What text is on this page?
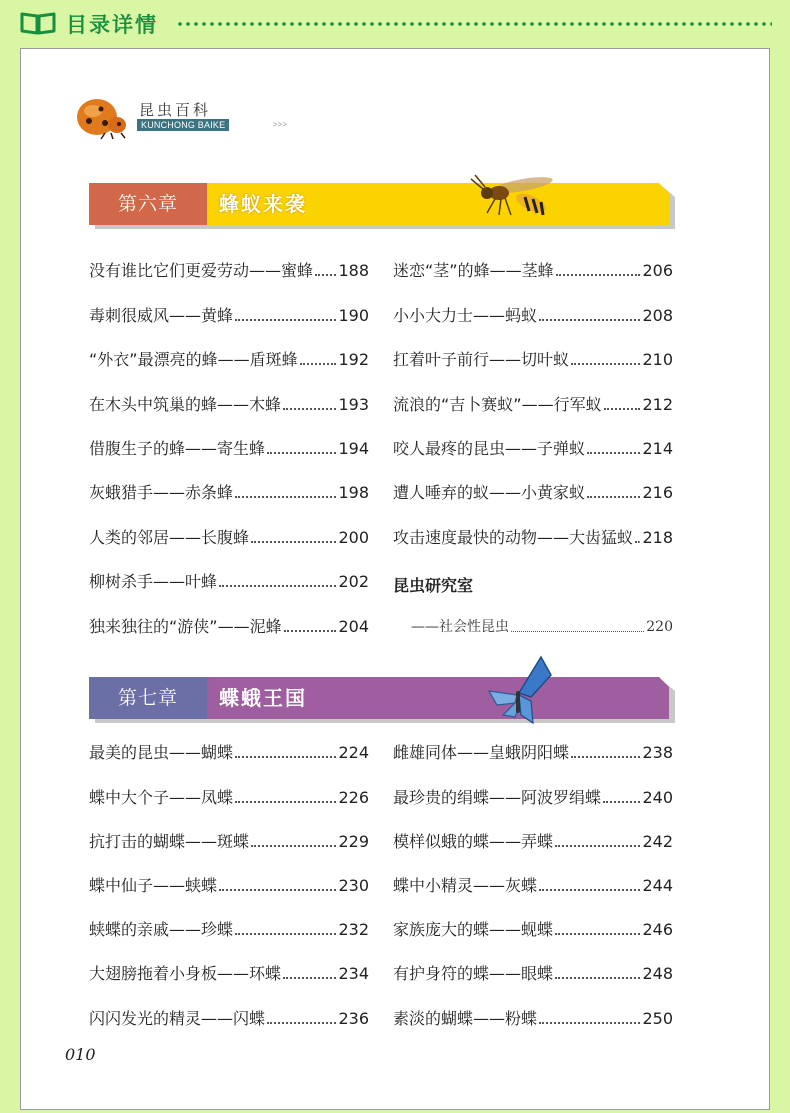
目录详情
昆虫百科
KUNCHONG BAIKE	>>>
第六章	蜂蚁来袭
没有谁比它们更爱劳动——蜜蜂 188
毒刺很威风——黄蜂	190
“外衣”最漂亮的蜂——盾斑蜂	192
在木头中筑巢的蜂——木蜂	193
借腹生子的蜂——寄生蜂	194
灰蛾猎手——赤条蜂	198
人类的邻居——长腹蜂	200
柳树杀手——叶蜂	202
独来独往的“游侠”——泥蜂	204
迷恋“茎”的蜂——茎蜂	206
小小大力士——蚂蚁	208
扛着叶子前行——切叶蚁	210
流浪的“吉卜赛蚁”——行军蚁	212
咬人最疼的昆虫——子弹蚁	214
遭人唾弃的蚁——小黄家蚁	216
攻击速度最快的动物——大齿猛蚁 218
昆虫研究室
——社会性昆虫	220
第七章	蝶蛾王国
最美的昆虫——蝴蝶	224
蝶中大个子——凤蝶	226
抗打击的蝴蝶——斑蝶	229
蝶中仙子——蛱蝶	230
蛱蝶的亲戚——珍蝶	232
大翅膀拖着小身板——环蝶	234
闪闪发光的精灵——闪蝶	236
雌雄同体——皇蛾阴阳蝶	238
最珍贵的绢蝶——阿波罗绢蝶	240
模样似蛾的蝶——弄蝶	242
蝶中小精灵——灰蝶	244
家族庞大的蝶——蚬蝶	246
有护身符的蝶——眼蝶	248
素淡的蝴蝶——粉蝶	250
010
